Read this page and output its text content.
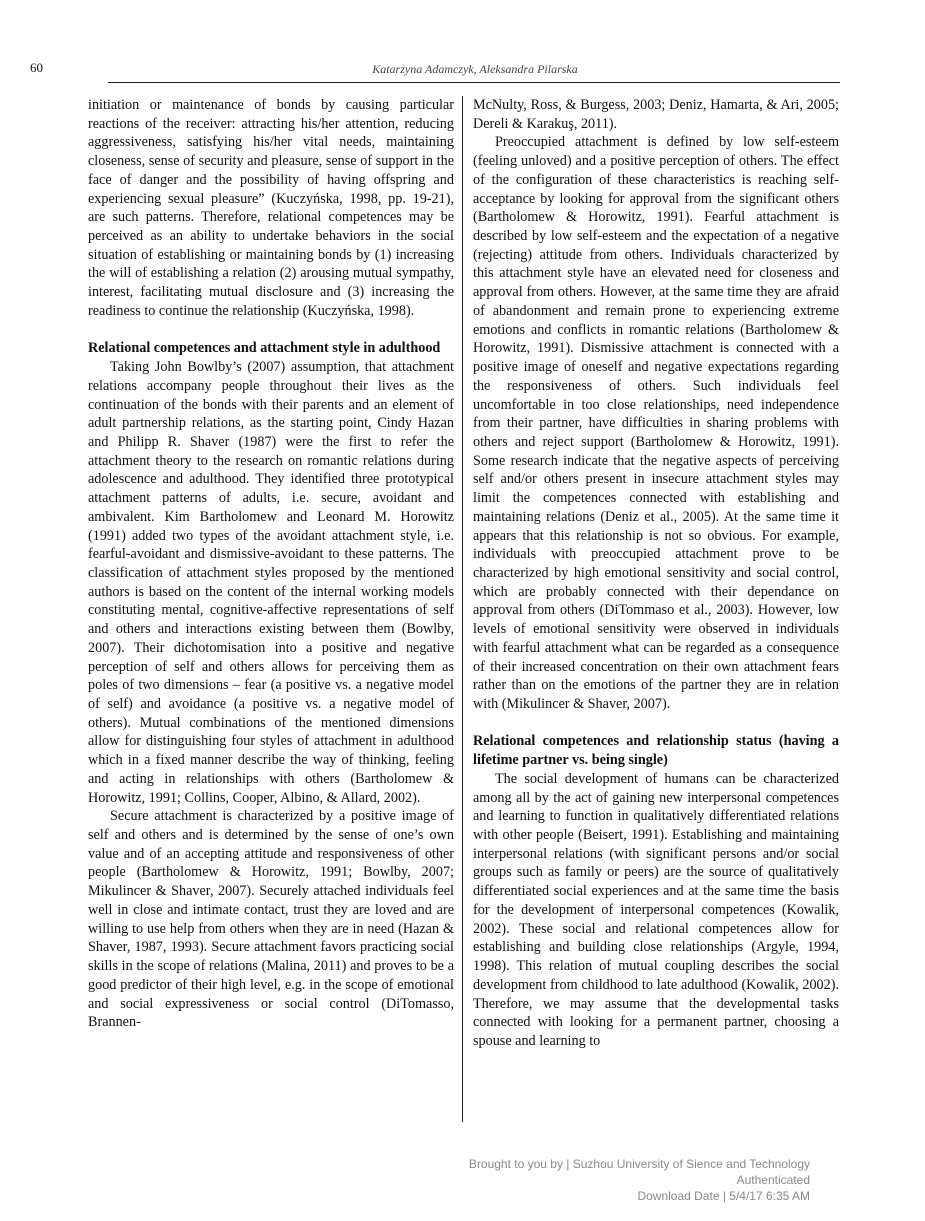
60	Katarzyna Adamczyk, Aleksandra Pilarska

initiation or maintenance of bonds by causing particular reactions of the receiver: attracting his/her attention, reducing aggressiveness, satisfying his/her vital needs, maintaining closeness, sense of security and pleasure, sense of support in the face of danger and the possibility of having offspring and experiencing sexual pleasure” (Kuczyńska, 1998, pp. 19-21), are such patterns. Therefore, relational competences may be perceived as an ability to undertake behaviors in the social situation of establishing or maintaining bonds by (1) increasing the will of establishing a relation (2) arousing mutual sympathy, interest, facilitating mutual disclosure and (3) increasing the readiness to continue the relationship (Kuczyńska, 1998).

Relational competences and attachment style in adulthood

Taking John Bowlby’s (2007) assumption, that attachment relations accompany people throughout their lives as the continuation of the bonds with their parents and an element of adult partnership relations, as the starting point, Cindy Hazan and Philipp R. Shaver (1987) were the first to refer the attachment theory to the research on romantic relations during adolescence and adulthood. They identified three prototypical attachment patterns of adults, i.e. secure, avoidant and ambivalent. Kim Bartholomew and Leonard M. Horowitz (1991) added two types of the avoidant attachment style, i.e. fearful-avoidant and dismissive-avoidant to these patterns. The classification of attachment styles proposed by the mentioned authors is based on the content of the internal working models constituting mental, cognitive-affective representations of self and others and interactions existing between them (Bowlby, 2007). Their dichotomisation into a positive and negative perception of self and others allows for perceiving them as poles of two dimensions – fear (a positive vs. a negative model of self) and avoidance (a positive vs. a negative model of others). Mutual combinations of the mentioned dimensions allow for distinguishing four styles of attachment in adulthood which in a fixed manner describe the way of thinking, feeling and acting in relationships with others (Bartholomew & Horowitz, 1991; Collins, Cooper, Albino, & Allard, 2002).

Secure attachment is characterized by a positive image of self and others and is determined by the sense of one’s own value and of an accepting attitude and responsiveness of other people (Bartholomew & Horowitz, 1991; Bowlby, 2007; Mikulincer & Shaver, 2007). Securely attached individuals feel well in close and intimate contact, trust they are loved and are willing to use help from others when they are in need (Hazan & Shaver, 1987, 1993). Secure attachment favors practicing social skills in the scope of relations (Malina, 2011) and proves to be a good predictor of their high level, e.g. in the scope of emotional and social expressiveness or social control (DiTomasso, Brannen-

McNulty, Ross, & Burgess, 2003; Deniz, Hamarta, & Ari, 2005; Dereli & Karakuş, 2011).

Preoccupied attachment is defined by low self-esteem (feeling unloved) and a positive perception of others. The effect of the configuration of these characteristics is reaching self-acceptance by looking for approval from the significant others (Bartholomew & Horowitz, 1991). Fearful attachment is described by low self-esteem and the expectation of a negative (rejecting) attitude from others. Individuals characterized by this attachment style have an elevated need for closeness and approval from others. However, at the same time they are afraid of abandonment and remain prone to experiencing extreme emotions and conflicts in romantic relations (Bartholomew & Horowitz, 1991). Dismissive attachment is connected with a positive image of oneself and negative expectations regarding the responsiveness of others. Such individuals feel uncomfortable in too close relationships, need independence from their partner, have difficulties in sharing problems with others and reject support (Bartholomew & Horowitz, 1991). Some research indicate that the negative aspects of perceiving self and/or others present in insecure attachment styles may limit the competences connected with establishing and maintaining relations (Deniz et al., 2005). At the same time it appears that this relationship is not so obvious. For example, individuals with preoccupied attachment prove to be characterized by high emotional sensitivity and social control, which are probably connected with their dependance on approval from others (DiTommaso et al., 2003). However, low levels of emotional sensitivity were observed in individuals with fearful attachment what can be regarded as a consequence of their increased concentration on their own attachment fears rather than on the emotions of the partner they are in relation with (Mikulincer & Shaver, 2007).

Relational competences and relationship status (having a lifetime partner vs. being single)

The social development of humans can be characterized among all by the act of gaining new interpersonal competences and learning to function in qualitatively differentiated relations with other people (Beisert, 1991). Establishing and maintaining interpersonal relations (with significant persons and/or social groups such as family or peers) are the source of qualitatively differentiated social experiences and at the same time the basis for the development of interpersonal competences (Kowalik, 2002). These social and relational competences allow for establishing and building close relationships (Argyle, 1994, 1998). This relation of mutual coupling describes the social development from childhood to late adulthood (Kowalik, 2002). Therefore, we may assume that the developmental tasks connected with looking for a permanent partner, choosing a spouse and learning to

Brought to you by | Suzhou University of Sience and Technology
Authenticated
Download Date | 5/4/17 6:35 AM
